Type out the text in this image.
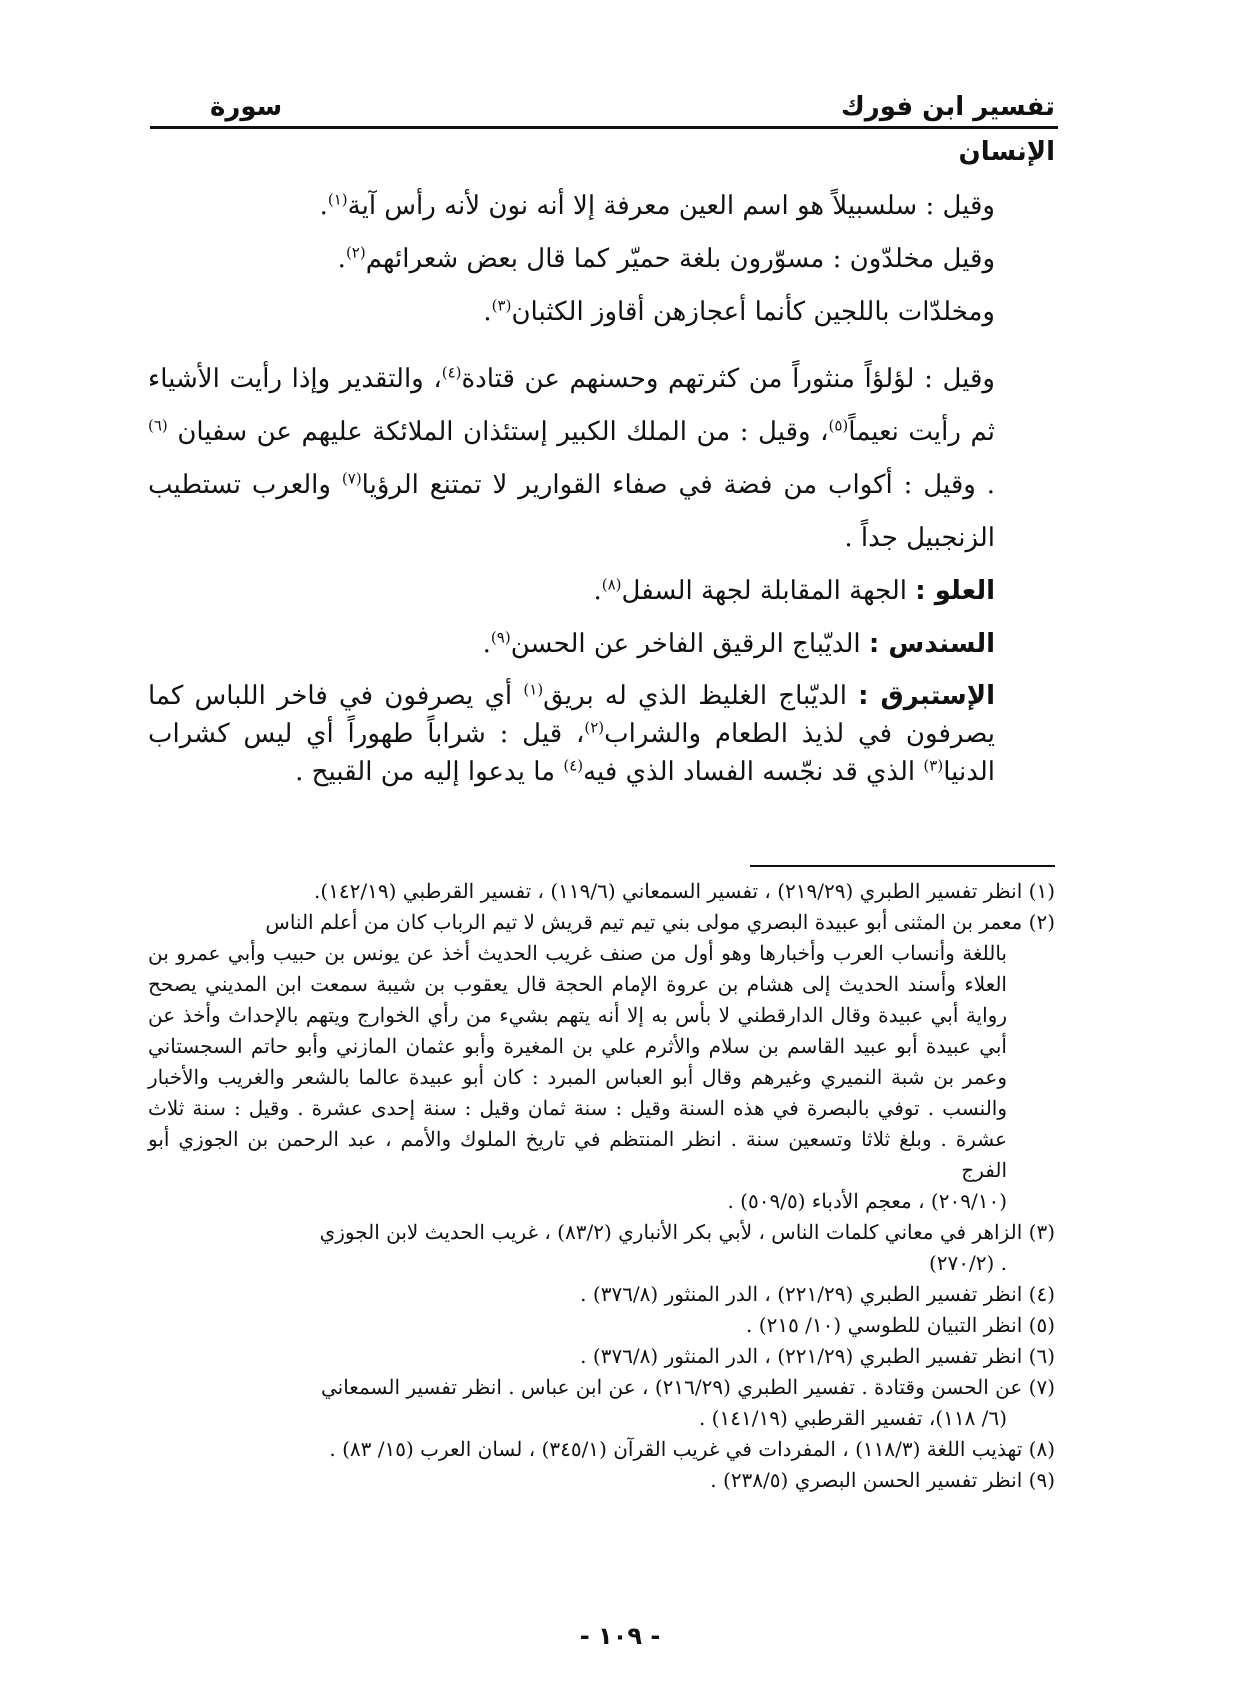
تفسير ابن فورك
سورة
الإنسان

وقيل : سلسبيلاً هو اسم العين معرفة إلا أنه نون لأنه رأس آية$^{(١)}$.

وقيل مخلدّون : مسوّرون بلغة حميّر كما قال بعض شعرائهم$^{(٢)}$.

ومخلدّات باللجين كأنما أعجازهن أقاوز الكثبان$^{(٣)}$.

وقيل : لؤلؤاً منثوراً من كثرتهم وحسنهم عن قتادة$^{(٤)}$، والتقدير وإذا رأيت الأشياء ثم رأيت نعيماً$^{(٥)}$، وقيل : من الملك الكبير إستئذان الملائكة عليهم عن سفيان $^{(٦)}$ . وقيل : أكواب من فضة في صفاء القوارير لا تمتنع الرؤيا$^{(٧)}$ والعرب تستطيب الزنجبيل جداً .

العلو : الجهة المقابلة لجهة السفل$^{(٨)}$.

السندس : الديّباج الرقيق الفاخر عن الحسن$^{(٩)}$.

الإستبرق : الديّباج الغليظ الذي له بريق$^{(١)}$ أي يصرفون في فاخر اللباس كما يصرفون في لذيذ الطعام والشراب$^{(٢)}$، قيل : شراباً طهوراً أي ليس كشراب الدنيا$^{(٣)}$ الذي قد نجّسه الفساد الذي فيه$^{(٤)}$ ما يدعوا إليه من القبيح .

(١) انظر تفسير الطبري (٢١٩/٢٩) ، تفسير السمعاني (١١٩/٦) ، تفسير القرطبي (١٤٢/١٩).

(٢) معمر بن المثنى أبو عبيدة البصري مولى بني تيم تيم قريش لا تيم الرباب كان من أعلم الناس

باللغة وأنساب العرب وأخبارها وهو أول من صنف غريب الحديث أخذ عن يونس بن حبيب وأبي عمرو بن العلاء وأسند الحديث إلى هشام بن عروة الإمام الحجة قال يعقوب بن شيبة سمعت ابن المديني يصحح رواية أبي عبيدة وقال الدارقطني لا بأس به إلا أنه يتهم بشيء من رأي الخوارج ويتهم بالإحداث وأخذ عن أبي عبيدة أبو عبيد القاسم بن سلام والأثرم علي بن المغيرة وأبو عثمان المازني وأبو حاتم السجستاني وعمر بن شبة النميري وغيرهم وقال أبو العباس المبرد : كان أبو عبيدة عالما بالشعر والغريب والأخبار والنسب . توفي بالبصرة في هذه السنة وقيل : سنة ثمان وقيل : سنة إحدى عشرة . وقيل : سنة ثلاث عشرة . وبلغ ثلاثا وتسعين سنة . انظر المنتظم في تاريخ الملوك والأمم ، عبد الرحمن بن الجوزي أبو الفرج

(٢٠٩/١٠) ، معجم الأدباء (٥٠٩/٥) .

(٣) الزاهر في معاني كلمات الناس ، لأبي بكر الأنباري (٨٣/٢) ، غريب الحديث لابن الجوزي

. (٢٧٠/٢)

(٤) انظر تفسير الطبري (٢٢١/٢٩) ، الدر المنثور (٣٧٦/٨) .

(٥) انظر التبيان للطوسي (١٠/ ٢١٥) .

(٦) انظر تفسير الطبري (٢٢١/٢٩) ، الدر المنثور (٣٧٦/٨) .

(٧) عن الحسن وقتادة . تفسير الطبري (٢١٦/٢٩) ، عن ابن عباس . انظر تفسير السمعاني

(٦/ ١١٨)، تفسير القرطبي (١٤١/١٩) .

(٨) تهذيب اللغة (١١٨/٣) ، المفردات في غريب القرآن (٣٤٥/١) ، لسان العرب (١٥/ ٨٣) .

(٩) انظر تفسير الحسن البصري (٢٣٨/٥) .

- ١٠٩ -
